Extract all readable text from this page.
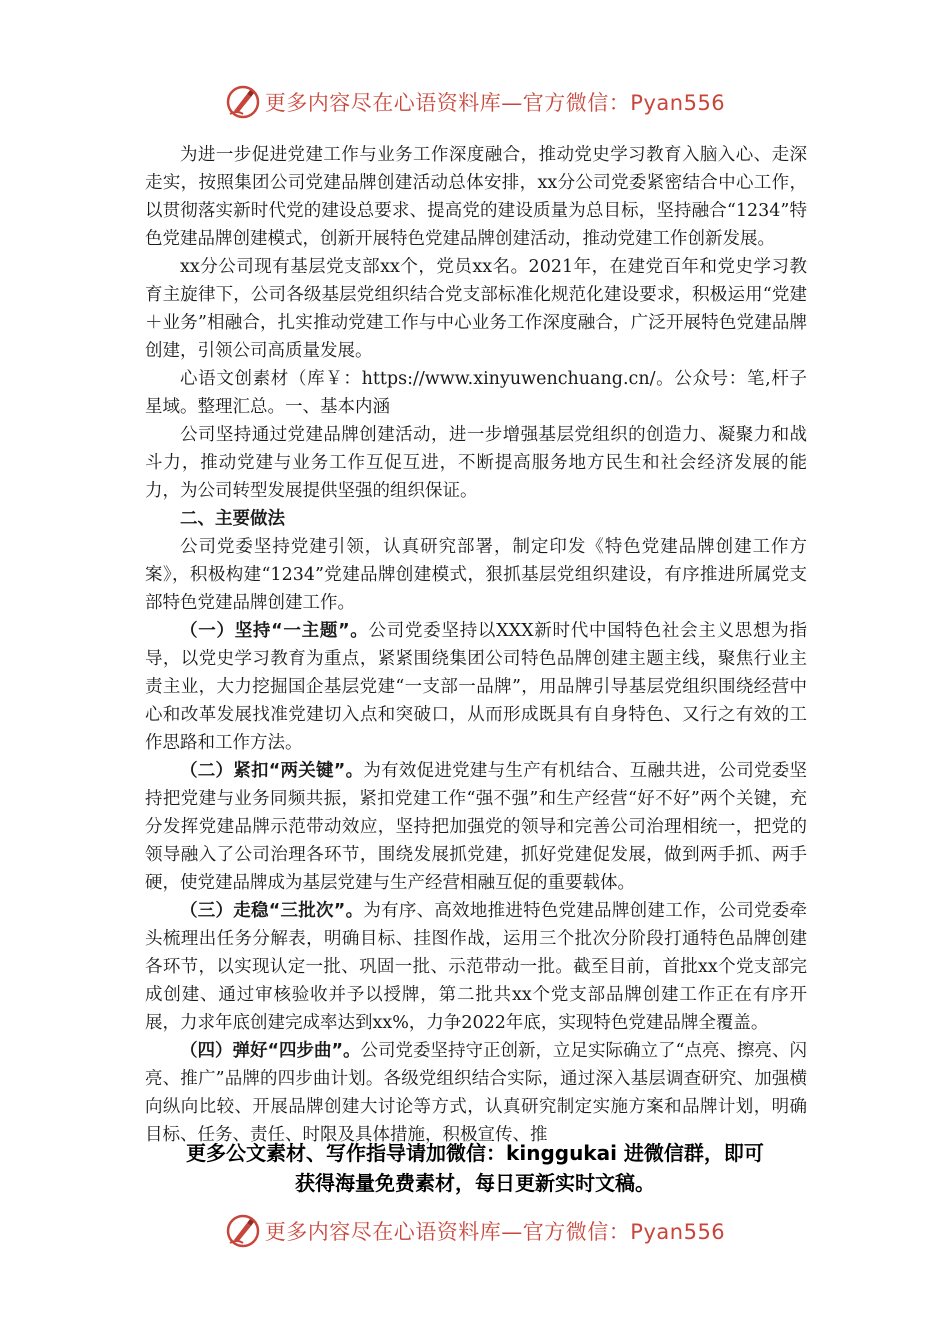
更多内容尽在心语资料库—官方微信：Pyan556

为进一步促进党建工作与业务工作深度融合，推动党史学习教育入脑入心、走深走实，按照集团公司党建品牌创建活动总体安排，xx分公司党委紧密结合中心工作，以贯彻落实新时代党的建设总要求、提高党的建设质量为总目标，坚持融合“1234”特色党建品牌创建模式，创新开展特色党建品牌创建活动，推动党建工作创新发展。

xx分公司现有基层党支部xx个，党员xx名。2021年，在建党百年和党史学习教育主旋律下，公司各级基层党组织结合党支部标准化规范化建设要求，积极运用“党建＋业务”相融合，扎实推动党建工作与中心业务工作深度融合，广泛开展特色党建品牌创建，引领公司高质量发展。

心语文创素材（库￥：https://www.xinyuwenchuang.cn/。公众号：笔,杆子星域。整理汇总。一、基本内涵

公司坚持通过党建品牌创建活动，进一步增强基层党组织的创造力、凝聚力和战斗力，推动党建与业务工作互促互进，不断提高服务地方民生和社会经济发展的能力，为公司转型发展提供坚强的组织保证。

二、主要做法

公司党委坚持党建引领，认真研究部署，制定印发《特色党建品牌创建工作方案》，积极构建“1234”党建品牌创建模式，狠抓基层党组织建设，有序推进所属党支部特色党建品牌创建工作。

（一）坚持“一主题”。公司党委坚持以XXX新时代中国特色社会主义思想为指导，以党史学习教育为重点，紧紧围绕集团公司特色品牌创建主题主线，聚焦行业主责主业，大力挖掘国企基层党建“一支部一品牌”，用品牌引导基层党组织围绕经营中心和改革发展找准党建切入点和突破口，从而形成既具有自身特色、又行之有效的工作思路和工作方法。

（二）紧扣“两关键”。为有效促进党建与生产有机结合、互融共进，公司党委坚持把党建与业务同频共振，紧扣党建工作“强不强”和生产经营“好不好”两个关键，充分发挥党建品牌示范带动效应，坚持把加强党的领导和完善公司治理相统一，把党的领导融入了公司治理各环节，围绕发展抓党建，抓好党建促发展，做到两手抓、两手硬，使党建品牌成为基层党建与生产经营相融互促的重要载体。

（三）走稳“三批次”。为有序、高效地推进特色党建品牌创建工作，公司党委牵头梳理出任务分解表，明确目标、挂图作战，运用三个批次分阶段打通特色品牌创建各环节，以实现认定一批、巩固一批、示范带动一批。截至目前，首批xx个党支部完成创建、通过审核验收并予以授牌，第二批共xx个党支部品牌创建工作正在有序开展，力求年底创建完成率达到xx%，力争2022年底，实现特色党建品牌全覆盖。

（四）弹好“四步曲”。公司党委坚持守正创新，立足实际确立了“点亮、擦亮、闪亮、推广”品牌的四步曲计划。各级党组织结合实际，通过深入基层调查研究、加强横向纵向比较、开展品牌创建大讨论等方式，认真研究制定实施方案和品牌计划，明确目标、任务、责任、时限及具体措施，积极宣传、推

更多公文素材、写作指导请加微信：kinggukai 进微信群，即可
获得海量免费素材，每日更新实时文稿。
更多内容尽在心语资料库—官方微信：Pyan556
